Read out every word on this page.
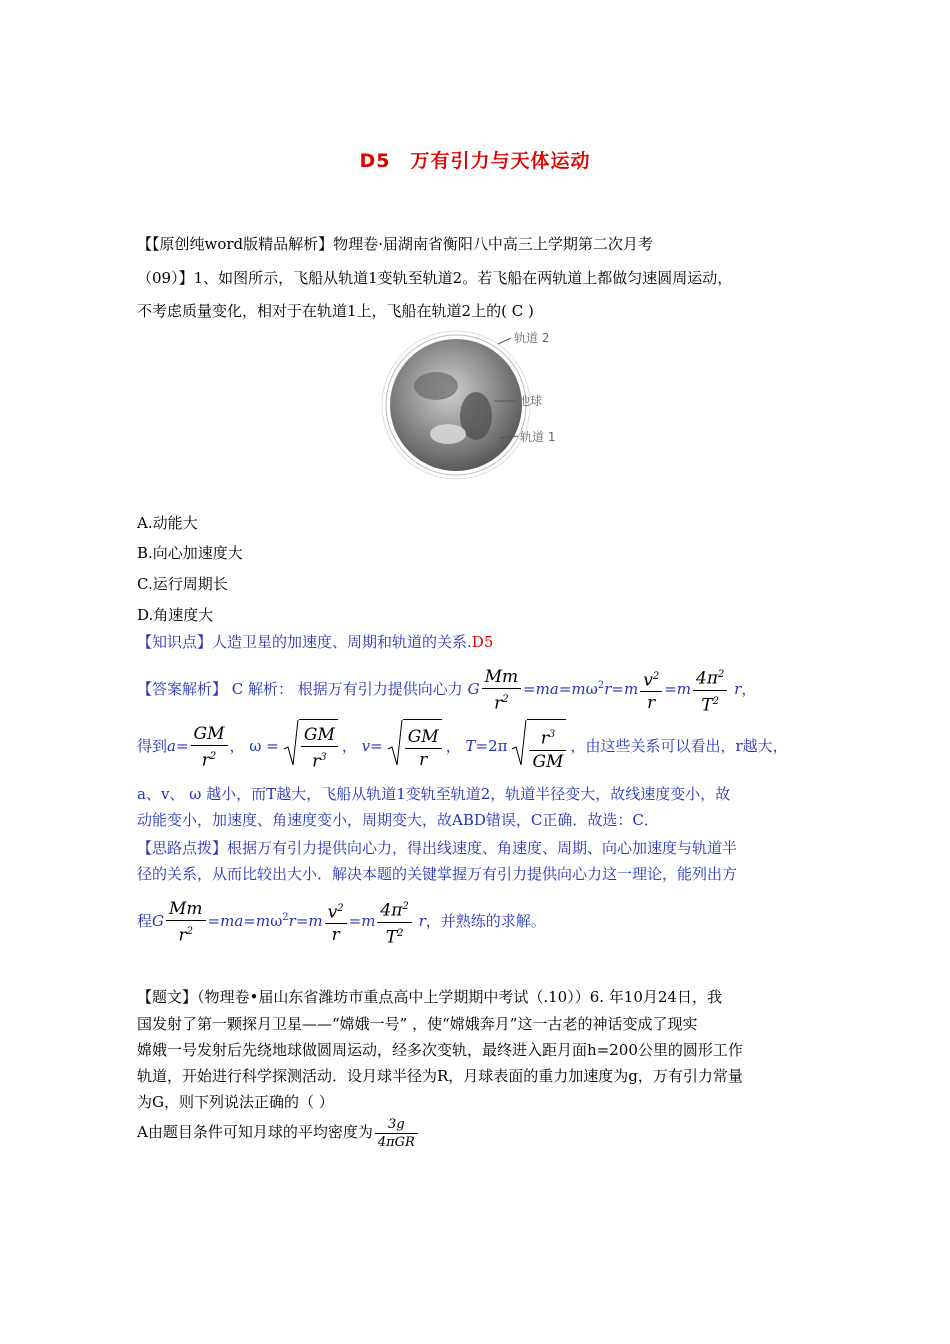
D5　万有引力与天体运动
【【原创纯word版精品解析】物理卷·届湖南省衡阳八中高三上学期第二次月考
（09）】1、如图所示，飞船从轨道1变轨至轨道2。若飞船在两轨道上都做匀速圆周运动，
不考虑质量变化，相对于在轨道1上，飞船在轨道2上的( C )
轨道 2
地球
轨道 1
A.动能大
B.向心加速度大
C.运行周期长
D.角速度大
【知识点】人造卫星的加速度、周期和轨道的关系.D5
【答案解析】 C 解析： 根据万有引力提供向心力 G $\frac{Mm}{r^2} =ma=m\omega^2r=m \frac{v^2}{r} =m \frac{4\pi^2}{T^2}$ r，
得到$a= \frac{GM}{r^2}$ ， $\omega = \frac{GM}{r^3}$ ， $v= \frac{GM}{r}$ ， $T=2\pi \frac{r^3}{GM}$ ，由这些关系可以看出，r越大，
a、v、 ω 越小，而T越大，飞船从轨道1变轨至轨道2，轨道半径变大，故线速度变小，故
动能变小，加速度、角速度变小，周期变大，故ABD错误，C正确．故选：C．
【思路点拨】根据万有引力提供向心力，得出线速度、角速度、周期、向心加速度与轨道半
径的关系，从而比较出大小．解决本题的关键掌握万有引力提供向心力这一理论，能列出方
程G $\frac{Mm}{r^2} =ma=m\omega^2r=m \frac{v^2}{r} =m \frac{4\pi^2}{T^2}$ r，并熟练的求解。
【题文】（物理卷•届山东省潍坊市重点高中上学期期中考试（.10））6. 年10月24日，我
国发射了第一颗探月卫星——“嫦娥一号” ，使“嫦娥奔月”这一古老的神话变成了现实
嫦娥一号发射后先绕地球做圆周运动，经多次变轨，最终进入距月面h=200公里的圆形工作
轨道，开始进行科学探测活动．设月球半径为R，月球表面的重力加速度为g，万有引力常量
为G，则下列说法正确的（ ）
A由题目条件可知月球的平均密度为 $\frac{3g}{\text{4πGR}}$
